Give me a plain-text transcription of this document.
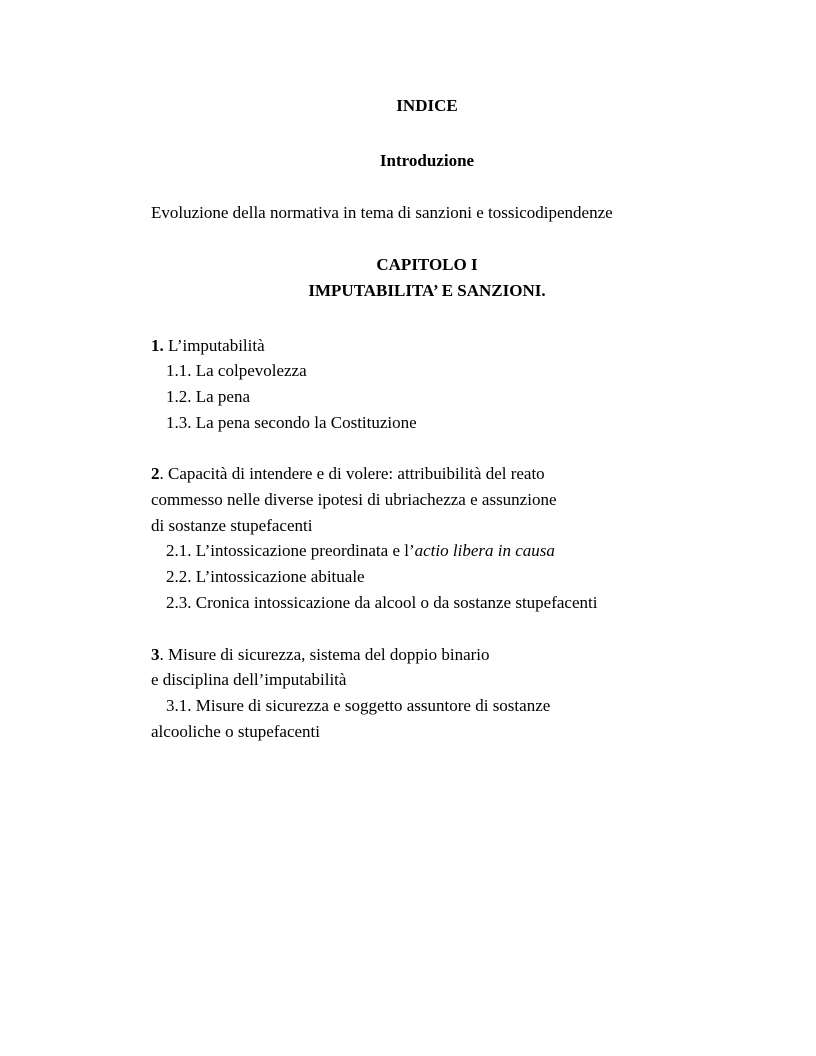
INDICE
Introduzione
Evoluzione della normativa in tema di sanzioni e tossicodipendenze
CAPITOLO I
IMPUTABILITA’ E SANZIONI.
1. L’imputabilità
1.1. La colpevolezza
1.2. La pena
1.3. La pena secondo la Costituzione
2. Capacità di intendere e di volere: attribuibilità del reato
commesso nelle diverse ipotesi di ubriachezza e assunzione
di sostanze stupefacenti
2.1. L’intossicazione preordinata e l’actio libera in causa
2.2. L’intossicazione abituale
2.3. Cronica intossicazione da alcool o da sostanze stupefacenti
3. Misure di sicurezza, sistema del doppio binario
e disciplina dell’imputabilità
3.1. Misure di sicurezza e soggetto assuntore di sostanze
alcooliche o stupefacenti
